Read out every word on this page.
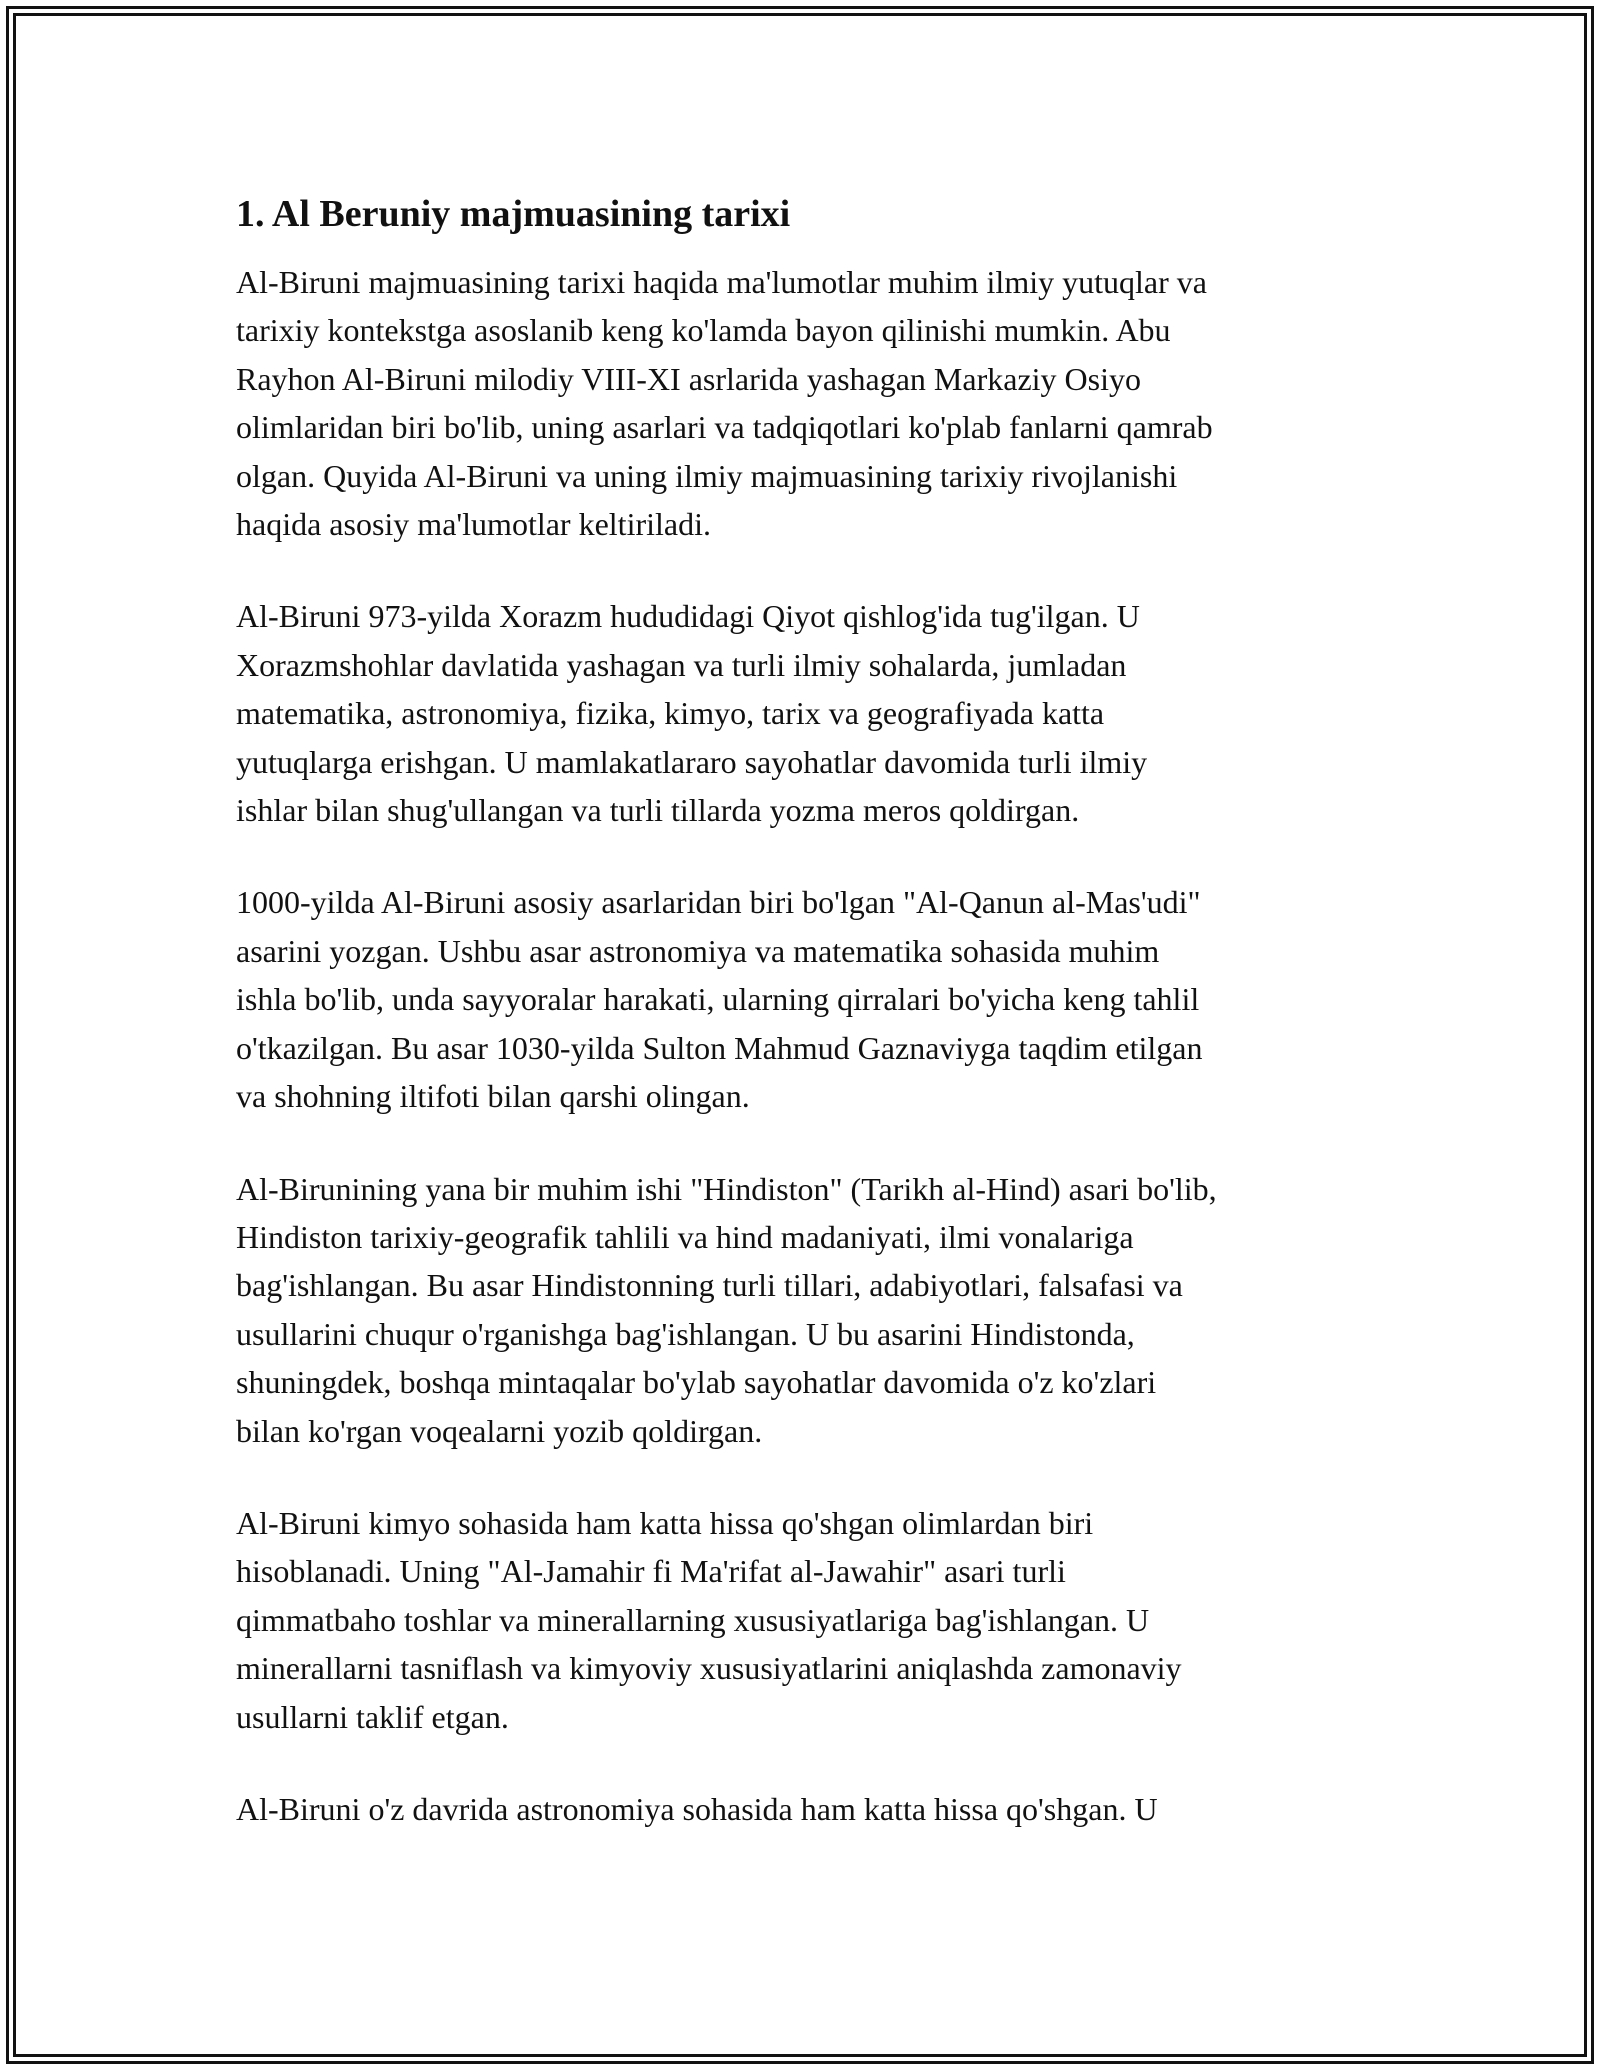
1. Al Beruniy majmuasining tarixi

Al-Biruni majmuasining tarixi haqida ma'lumotlar muhim ilmiy yutuqlar va
tarixiy kontekstga asoslanib keng ko'lamda bayon qilinishi mumkin. Abu
Rayhon Al-Biruni milodiy VIII-XI asrlarida yashagan Markaziy Osiyo
olimlaridan biri bo'lib, uning asarlari va tadqiqotlari ko'plab fanlarni qamrab
olgan. Quyida Al-Biruni va uning ilmiy majmuasining tarixiy rivojlanishi
haqida asosiy ma'lumotlar keltiriladi.

Al-Biruni 973-yilda Xorazm hududidagi Qiyot qishlog'ida tug'ilgan. U
Xorazmshohlar davlatida yashagan va turli ilmiy sohalarda, jumladan
matematika, astronomiya, fizika, kimyo, tarix va geografiyada katta
yutuqlarga erishgan. U mamlakatlararo sayohatlar davomida turli ilmiy
ishlar bilan shug'ullangan va turli tillarda yozma meros qoldirgan.

1000-yilda Al-Biruni asosiy asarlaridan biri bo'lgan "Al-Qanun al-Mas'udi"
asarini yozgan. Ushbu asar astronomiya va matematika sohasida muhim
ishla bo'lib, unda sayyoralar harakati, ularning qirralari bo'yicha keng tahlil
o'tkazilgan. Bu asar 1030-yilda Sulton Mahmud Gaznaviyga taqdim etilgan
va shohning iltifoti bilan qarshi olingan.

Al-Birunining yana bir muhim ishi "Hindiston" (Tarikh al-Hind) asari bo'lib,
Hindiston tarixiy-geografik tahlili va hind madaniyati, ilmi vonalariga
bag'ishlangan. Bu asar Hindistonning turli tillari, adabiyotlari, falsafasi va
usullarini chuqur o'rganishga bag'ishlangan. U bu asarini Hindistonda,
shuningdek, boshqa mintaqalar bo'ylab sayohatlar davomida o'z ko'zlari
bilan ko'rgan voqealarni yozib qoldirgan.

Al-Biruni kimyo sohasida ham katta hissa qo'shgan olimlardan biri
hisoblanadi. Uning "Al-Jamahir fi Ma'rifat al-Jawahir" asari turli
qimmatbaho toshlar va minerallarning xususiyatlariga bag'ishlangan. U
minerallarni tasniflash va kimyoviy xususiyatlarini aniqlashda zamonaviy
usullarni taklif etgan.

Al-Biruni o'z davrida astronomiya sohasida ham katta hissa qo'shgan. U
